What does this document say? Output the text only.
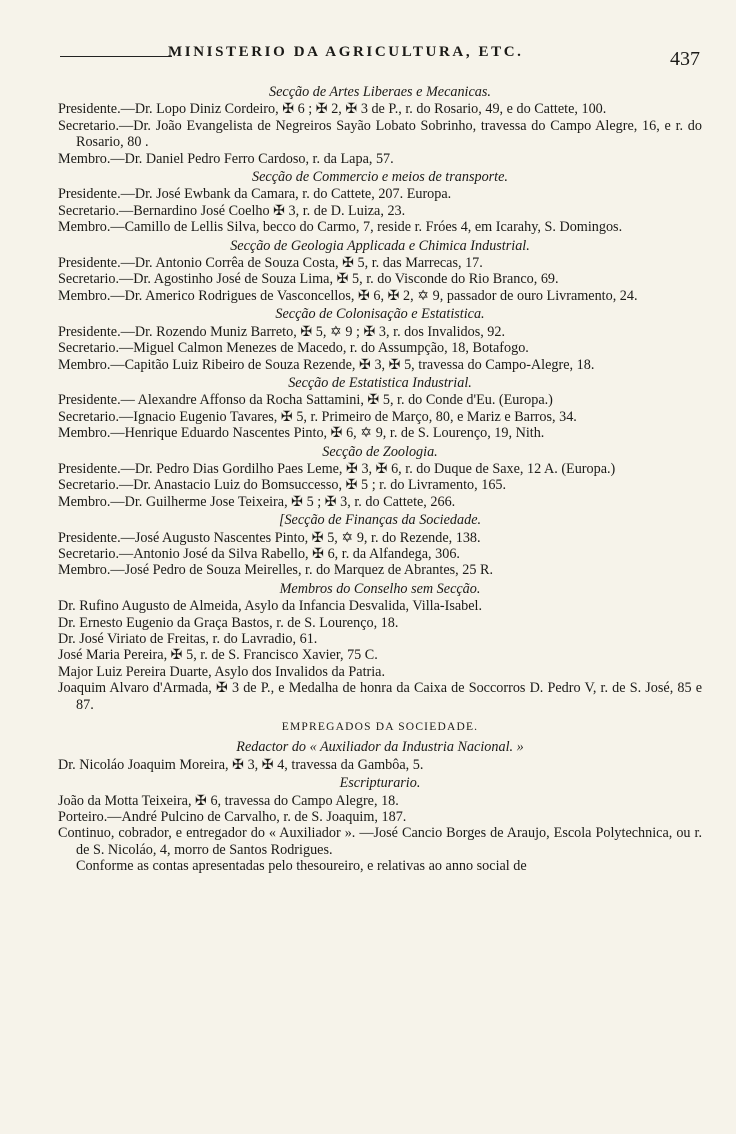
MINISTERIO DA AGRICULTURA, ETC.	437

Secção de Artes Liberaes e Mecanicas.

Presidente.—Dr. Lopo Diniz Cordeiro, ✠ 6 ; ✠ 2, ✠ 3 de P., r. do Rosario, 49, e do Cattete, 100.

Secretario.—Dr. João Evangelista de Negreiros Sayão Lobato Sobrinho, travessa do Campo Alegre, 16, e r. do Rosario, 80 .

Membro.—Dr. Daniel Pedro Ferro Cardoso, r. da Lapa, 57.

Secção de Commercio e meios de transporte.

Presidente.—Dr. José Ewbank da Camara, r. do Cattete, 207. Europa.

Secretario.—Bernardino José Coelho ✠ 3, r. de D. Luiza, 23.

Membro.—Camillo de Lellis Silva, becco do Carmo, 7, reside r. Fróes 4, em Icarahy, S. Domingos.

Secção de Geologia Applicada e Chimica Industrial.

Presidente.—Dr. Antonio Corrêa de Souza Costa, ✠ 5, r. das Marrecas, 17.

Secretario.—Dr. Agostinho José de Souza Lima, ✠ 5, r. do Visconde do Rio Branco, 69.

Membro.—Dr. Americo Rodrigues de Vasconcellos, ✠ 6, ✠ 2, ✡ 9, passador de ouro Livramento, 24.

Secção de Colonisação e Estatistica.

Presidente.—Dr. Rozendo Muniz Barreto, ✠ 5, ✡ 9 ; ✠ 3, r. dos Invalidos, 92.

Secretario.—Miguel Calmon Menezes de Macedo, r. do Assumpção, 18, Botafogo.

Membro.—Capitão Luiz Ribeiro de Souza Rezende, ✠ 3, ✠ 5, travessa do Campo-Alegre, 18.

Secção de Estatistica Industrial.

Presidente.— Alexandre Affonso da Rocha Sattamini, ✠ 5, r. do Conde d'Eu. (Europa.)

Secretario.—Ignacio Eugenio Tavares, ✠ 5, r. Primeiro de Março, 80, e Mariz e Barros, 34.

Membro.—Henrique Eduardo Nascentes Pinto, ✠ 6, ✡ 9, r. de S. Lourenço, 19, Nith.

Secção de Zoologia.

Presidente.—Dr. Pedro Dias Gordilho Paes Leme, ✠ 3, ✠ 6, r. do Duque de Saxe, 12 A. (Europa.)

Secretario.—Dr. Anastacio Luiz do Bomsuccesso, ✠ 5 ; r. do Livramento, 165.

Membro.—Dr. Guilherme Jose Teixeira, ✠ 5 ; ✠ 3, r. do Cattete, 266.

[Secção de Finanças da Sociedade.

Presidente.—José Augusto Nascentes Pinto, ✠ 5, ✡ 9, r. do Rezende, 138.

Secretario.—Antonio José da Silva Rabello, ✠ 6, r. da Alfandega, 306.

Membro.—José Pedro de Souza Meirelles, r. do Marquez de Abrantes, 25 R.

Membros do Conselho sem Secção.

Dr. Rufino Augusto de Almeida, Asylo da Infancia Desvalida, Villa-Isabel.

Dr. Ernesto Eugenio da Graça Bastos, r. de S. Lourenço, 18.

Dr. José Viriato de Freitas, r. do Lavradio, 61.

José Maria Pereira, ✠ 5, r. de S. Francisco Xavier, 75 C.

Major Luiz Pereira Duarte, Asylo dos Invalidos da Patria.

Joaquim Alvaro d'Armada, ✠ 3 de P., e Medalha de honra da Caixa de Soccorros D. Pedro V, r. de S. José, 85 e 87.

EMPREGADOS DA SOCIEDADE.

Redactor do « Auxiliador da Industria Nacional. »

Dr. Nicoláo Joaquim Moreira, ✠ 3, ✠ 4, travessa da Gambôa, 5.

Escripturario.

João da Motta Teixeira, ✠ 6, travessa do Campo Alegre, 18.

Porteiro.—André Pulcino de Carvalho, r. de S. Joaquim, 187.

Continuo, cobrador, e entregador do « Auxiliador ». —José Cancio Borges de Araujo, Escola Polytechnica, ou r. de S. Nicoláo, 4, morro de Santos Rodrigues.

Conforme as contas apresentadas pelo thesoureiro, e relativas ao anno social de
